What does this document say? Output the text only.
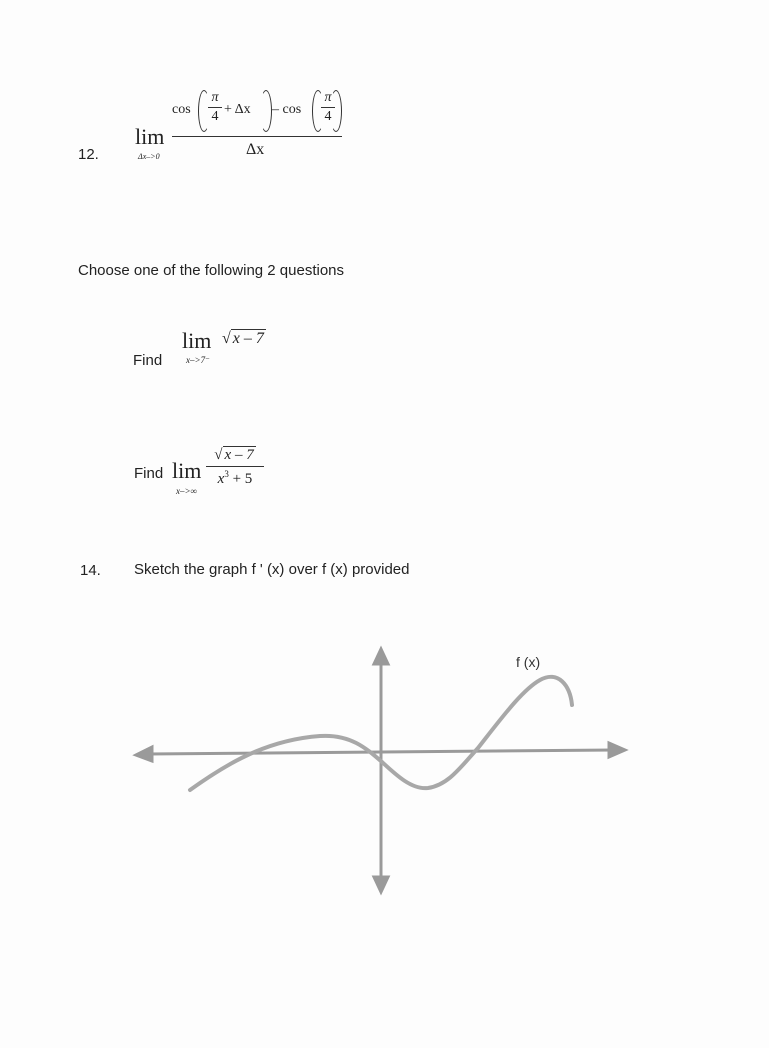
12.
lim
Δx–>0
cos
π
4 + Δx – cos
π
4
Δx
Choose one of the following 2 questions
Find
lim
x–>7⁻
√ x – 7
Find lim
x–>∞
√ x – 7
$x^3 + 5$
14. Sketch the graph f ' (x) over f (x) provided
f (x)
